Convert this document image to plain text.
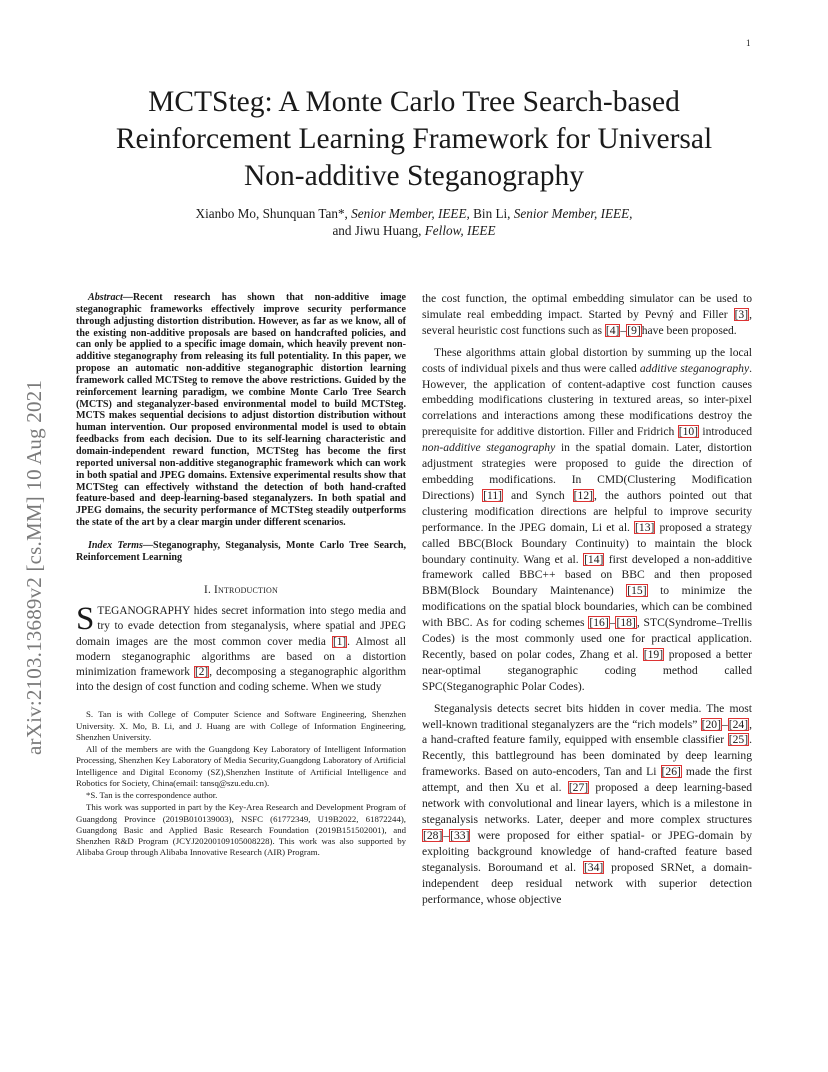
1
arXiv:2103.13689v2 [cs.MM] 10 Aug 2021
MCTSteg: A Monte Carlo Tree Search-based Reinforcement Learning Framework for Universal Non-additive Steganography
Xianbo Mo, Shunquan Tan*, Senior Member, IEEE, Bin Li, Senior Member, IEEE,
and Jiwu Huang, Fellow, IEEE

Abstract—Recent research has shown that non-additive image steganographic frameworks effectively improve security performance through adjusting distortion distribution. However, as far as we know, all of the existing non-additive proposals are based on handcrafted policies, and can only be applied to a specific image domain, which heavily prevent non-additive steganography from releasing its full potentiality. In this paper, we propose an automatic non-additive steganographic distortion learning framework called MCTSteg to remove the above restrictions. Guided by the reinforcement learning paradigm, we combine Monte Carlo Tree Search (MCTS) and steganalyzer-based environmental model to build MCTSteg. MCTS makes sequential decisions to adjust distortion distribution without human intervention. Our proposed environmental model is used to obtain feedbacks from each decision. Due to its self-learning characteristic and domain-independent reward function, MCTSteg has become the first reported universal non-additive steganographic framework which can work in both spatial and JPEG domains. Extensive experimental results show that MCTSteg can effectively withstand the detection of both hand-crafted feature-based and deep-learning-based steganalyzers. In both spatial and JPEG domains, the security performance of MCTSteg steadily outperforms the state of the art by a clear margin under different scenarios.

Index Terms—Steganography, Steganalysis, Monte Carlo Tree Search, Reinforcement Learning

I. Introduction

STEGANOGRAPHY hides secret information into stego media and try to evade detection from steganalysis, where spatial and JPEG domain images are the most common cover media [1]. Almost all modern steganographic algorithms are based on a distortion minimization framework [2], decomposing a steganographic algorithm into the design of cost function and coding scheme. When we study

S. Tan is with College of Computer Science and Software Engineering, Shenzhen University. X. Mo, B. Li, and J. Huang are with College of Information Engineering, Shenzhen University.

All of the members are with the Guangdong Key Laboratory of Intelligent Information Processing, Shenzhen Key Laboratory of Media Security,Guangdong Laboratory of Artificial Intelligence and Digital Economy (SZ),Shenzhen Institute of Artificial Intelligence and Robotics for Society, China(email: tansq@szu.edu.cn).

*S. Tan is the correspondence author.

This work was supported in part by the Key-Area Research and Development Program of Guangdong Province (2019B010139003), NSFC (61772349, U19B2022, 61872244), Guangdong Basic and Applied Basic Research Foundation (2019B151502001), and Shenzhen R&D Program (JCYJ20200109105008228). This work was also supported by Alibaba Group through Alibaba Innovative Research (AIR) Program.

the cost function, the optimal embedding simulator can be used to simulate real embedding impact. Started by Pevný and Filler [3], several heuristic cost functions such as [4]–[9]have been proposed.

These algorithms attain global distortion by summing up the local costs of individual pixels and thus were called additive steganography. However, the application of content-adaptive cost function causes embedding modifications clustering in textured areas, so inter-pixel correlations and interactions among these modifications destroy the prerequisite for additive distortion. Filler and Fridrich [10] introduced non-additive steganography in the spatial domain. Later, distortion adjustment strategies were proposed to guide the direction of embedding modifications. In CMD(Clustering Modification Directions) [11] and Synch [12], the authors pointed out that clustering modification directions are helpful to improve security performance. In the JPEG domain, Li et al. [13] proposed a strategy called BBC(Block Boundary Continuity) to maintain the block boundary continuity. Wang et al. [14] first developed a non-additive framework called BBC++ based on BBC and then proposed BBM(Block Boundary Maintenance) [15] to minimize the modifications on the spatial block boundaries, which can be combined with BBC. As for coding schemes [16]–[18], STC(Syndrome–Trellis Codes) is the most commonly used one for practical application. Recently, based on polar codes, Zhang et al. [19] proposed a better near-optimal steganographic coding method called SPC(Steganographic Polar Codes).

Steganalysis detects secret bits hidden in cover media. The most well-known traditional steganalyzers are the “rich models” [20]–[24], a hand-crafted feature family, equipped with ensemble classifier [25]. Recently, this battleground has been dominated by deep learning frameworks. Based on auto-encoders, Tan and Li [26] made the first attempt, and then Xu et al. [27] proposed a deep learning-based network with convolutional and linear layers, which is a milestone in steganalysis networks. Later, deeper and more complex structures [28]–[33] were proposed for either spatial- or JPEG-domain by exploiting background knowledge of hand-crafted feature based steganalysis. Boroumand et al. [34] proposed SRNet, a domain-independent deep residual network with superior detection performance, whose objective
